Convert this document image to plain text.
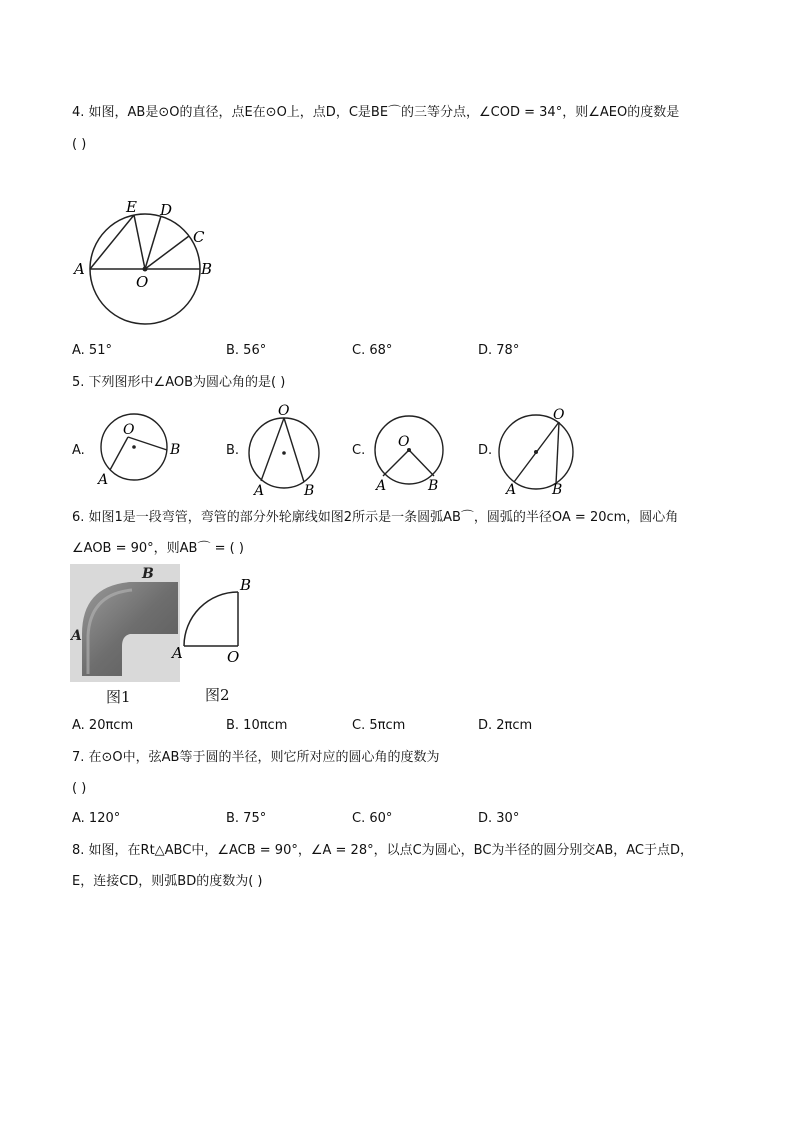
4. 如图，AB是⊙O的直径，点E在⊙O上，点D，C是BE⌒的三等分点，∠COD = 34°，则∠AEO的度数是
( )
E D
C
A	B
O
A. 51°	B. 56°	C. 68°	D. 78°
5. 下列图形中∠AOB为圆心角的是( )
A.
O
A
B	B.
O
A	B
C.
O
A	B
D.
O
A	B
6. 如图1是一段弯管，弯管的部分外轮廓线如图2所示是一条圆弧AB⌒，圆弧的半径OA = 20cm，圆心角
∠AOB = 90°，则AB⌒ = ( )
B
A
B
A	O
图1	图2
A. 20πcm	B. 10πcm	C. 5πcm	D. 2πcm
7. 在⊙O中，弦AB等于圆的半径，则它所对应的圆心角的度数为
( )
A. 120°	B. 75°	C. 60°	D. 30°
8. 如图，在Rt△ABC中，∠ACB = 90°，∠A = 28°，以点C为圆心，BC为半径的圆分别交AB，AC于点D，
E，连接CD，则弧BD的度数为( )
